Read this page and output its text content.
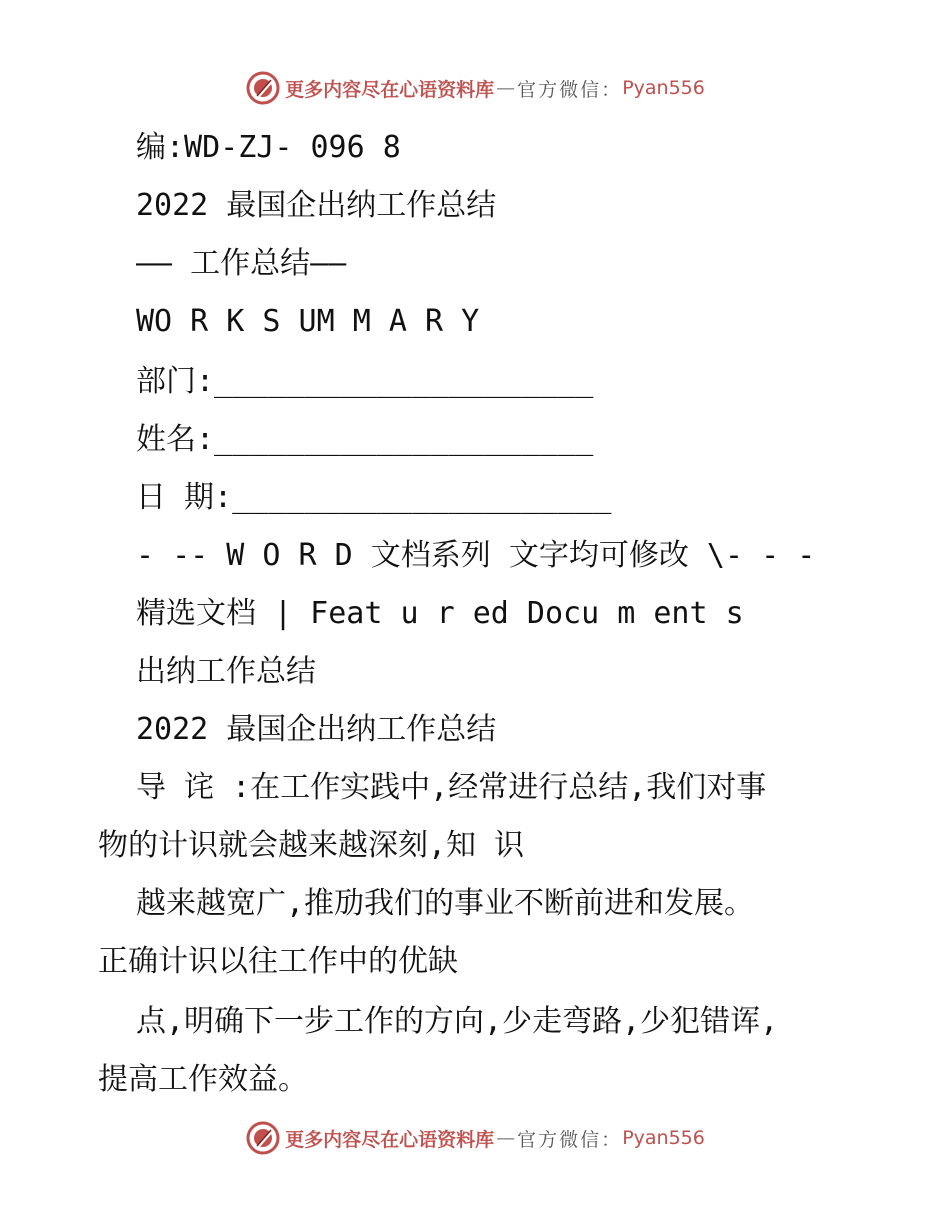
更多内容尽在心语资料库 — 官方微信： Pyan556
编:WD-ZJ- 096 8
2022 最国企出纳工作总结
—— 工作总结——
WO R K S UM M A R Y
部门:_____________________
姓名:_____________________
日 期:_____________________
- -- W O R D 文档系列 文字均可修改 \- - -
精选文档 | Feat u r ed Docu m ent s
出纳工作总结
2022 最国企出纳工作总结
导 诧 :在工作实践中,经常进行总结,我们对事
物的计识就会越来越深刻,知 识
越来越宽广,推劢我们的事业不断前进和发展。
正确计识以往工作中的优缺
点,明确下一步工作的方向,少走弯路,少犯错诨,
提高工作效益。
更多内容尽在心语资料库 — 官方微信： Pyan556
